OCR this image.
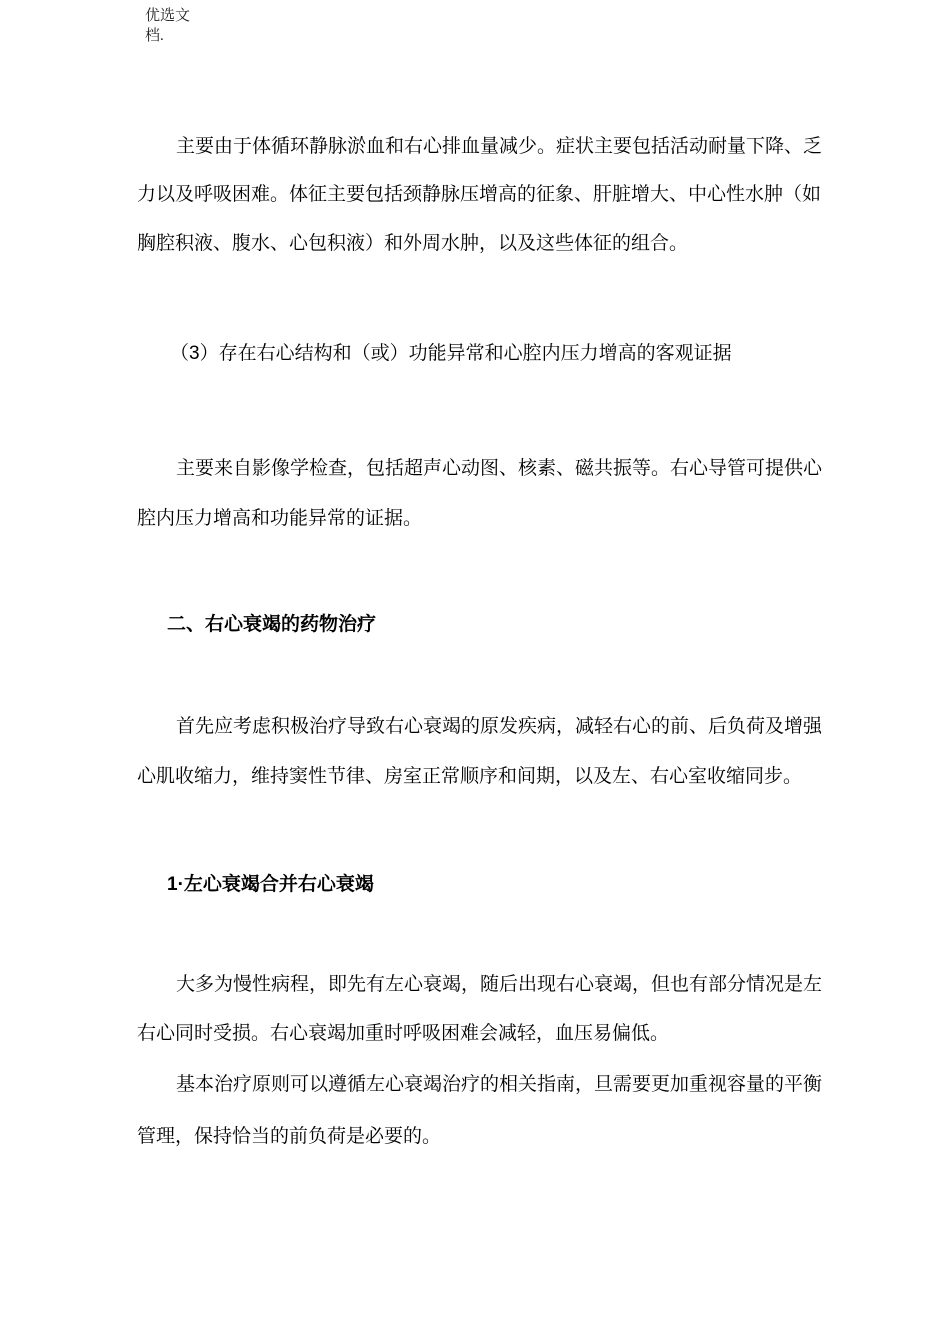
优选文档.
主要由于体循环静脉淤血和右心排血量减少。症状主要包括活动耐量下降、乏
力以及呼吸困难。体征主要包括颈静脉压增高的征象、肝脏增大、中心性水肿（如
胸腔积液、腹水、心包积液）和外周水肿，以及这些体征的组合。
（3）存在右心结构和（或）功能异常和心腔内压力增高的客观证据
主要来自影像学检查，包括超声心动图、核素、磁共振等。右心导管可提供心
腔内压力增高和功能异常的证据。
二、右心衰竭的药物治疗
首先应考虑积极治疗导致右心衰竭的原发疾病，减轻右心的前、后负荷及增强
心肌收缩力，维持窦性节律、房室正常顺序和间期，以及左、右心室收缩同步。
1·左心衰竭合并右心衰竭
大多为慢性病程，即先有左心衰竭，随后出现右心衰竭，但也有部分情况是左
右心同时受损。右心衰竭加重时呼吸困难会减轻，血压易偏低。
基本治疗原则可以遵循左心衰竭治疗的相关指南，旦需要更加重视容量的平衡
管理，保持恰当的前负荷是必要的。
